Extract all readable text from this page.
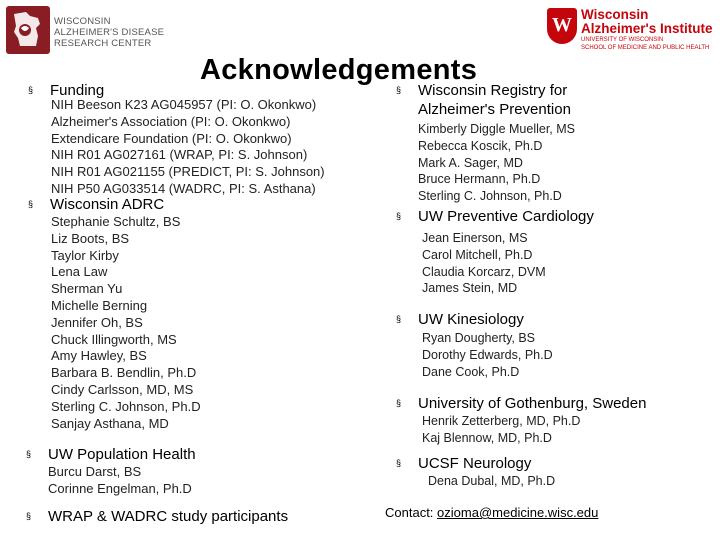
WISCONSIN
ALZHEIMER'S DISEASE
RESEARCH CENTER
W Wisconsin
Alzheimer's Institute
UNIVERSITY OF WISCONSIN
SCHOOL OF MEDICINE AND PUBLIC HEALTH
Acknowledgements
§	Funding
NIH Beeson K23 AG045957 (PI: O. Okonkwo)
Alzheimer's Association (PI: O. Okonkwo)
Extendicare Foundation (PI: O. Okonkwo)
NIH R01 AG027161 (WRAP, PI: S. Johnson)
NIH R01 AG021155 (PREDICT, PI: S. Johnson)
NIH P50 AG033514 (WADRC, PI: S. Asthana)
§	Wisconsin ADRC
Stephanie Schultz, BS
Liz Boots, BS
Taylor Kirby
Lena Law
Sherman Yu
Michelle Berning
Jennifer Oh, BS
Chuck Illingworth, MS
Amy Hawley, BS
Barbara B. Bendlin, Ph.D
Cindy Carlsson, MD, MS
Sterling C. Johnson, Ph.D
Sanjay Asthana, MD
§	UW Population Health
Burcu Darst, BS
Corinne Engelman, Ph.D
§	WRAP & WADRC study participants
§	Wisconsin Registry for
Alzheimer's Prevention
Kimberly Diggle Mueller, MS
Rebecca Koscik, Ph.D
Mark A. Sager, MD
Bruce Hermann, Ph.D
Sterling C. Johnson, Ph.D
§	UW Preventive Cardiology
Jean Einerson, MS
Carol Mitchell, Ph.D
Claudia Korcarz, DVM
James Stein, MD
§	UW Kinesiology
Ryan Dougherty, BS
Dorothy Edwards, Ph.D
Dane Cook, Ph.D
§	University of Gothenburg, Sweden
Henrik Zetterberg, MD, Ph.D
Kaj Blennow, MD, Ph.D
§	UCSF Neurology
Dena Dubal, MD, Ph.D
Contact: ozioma@medicine.wisc.edu
